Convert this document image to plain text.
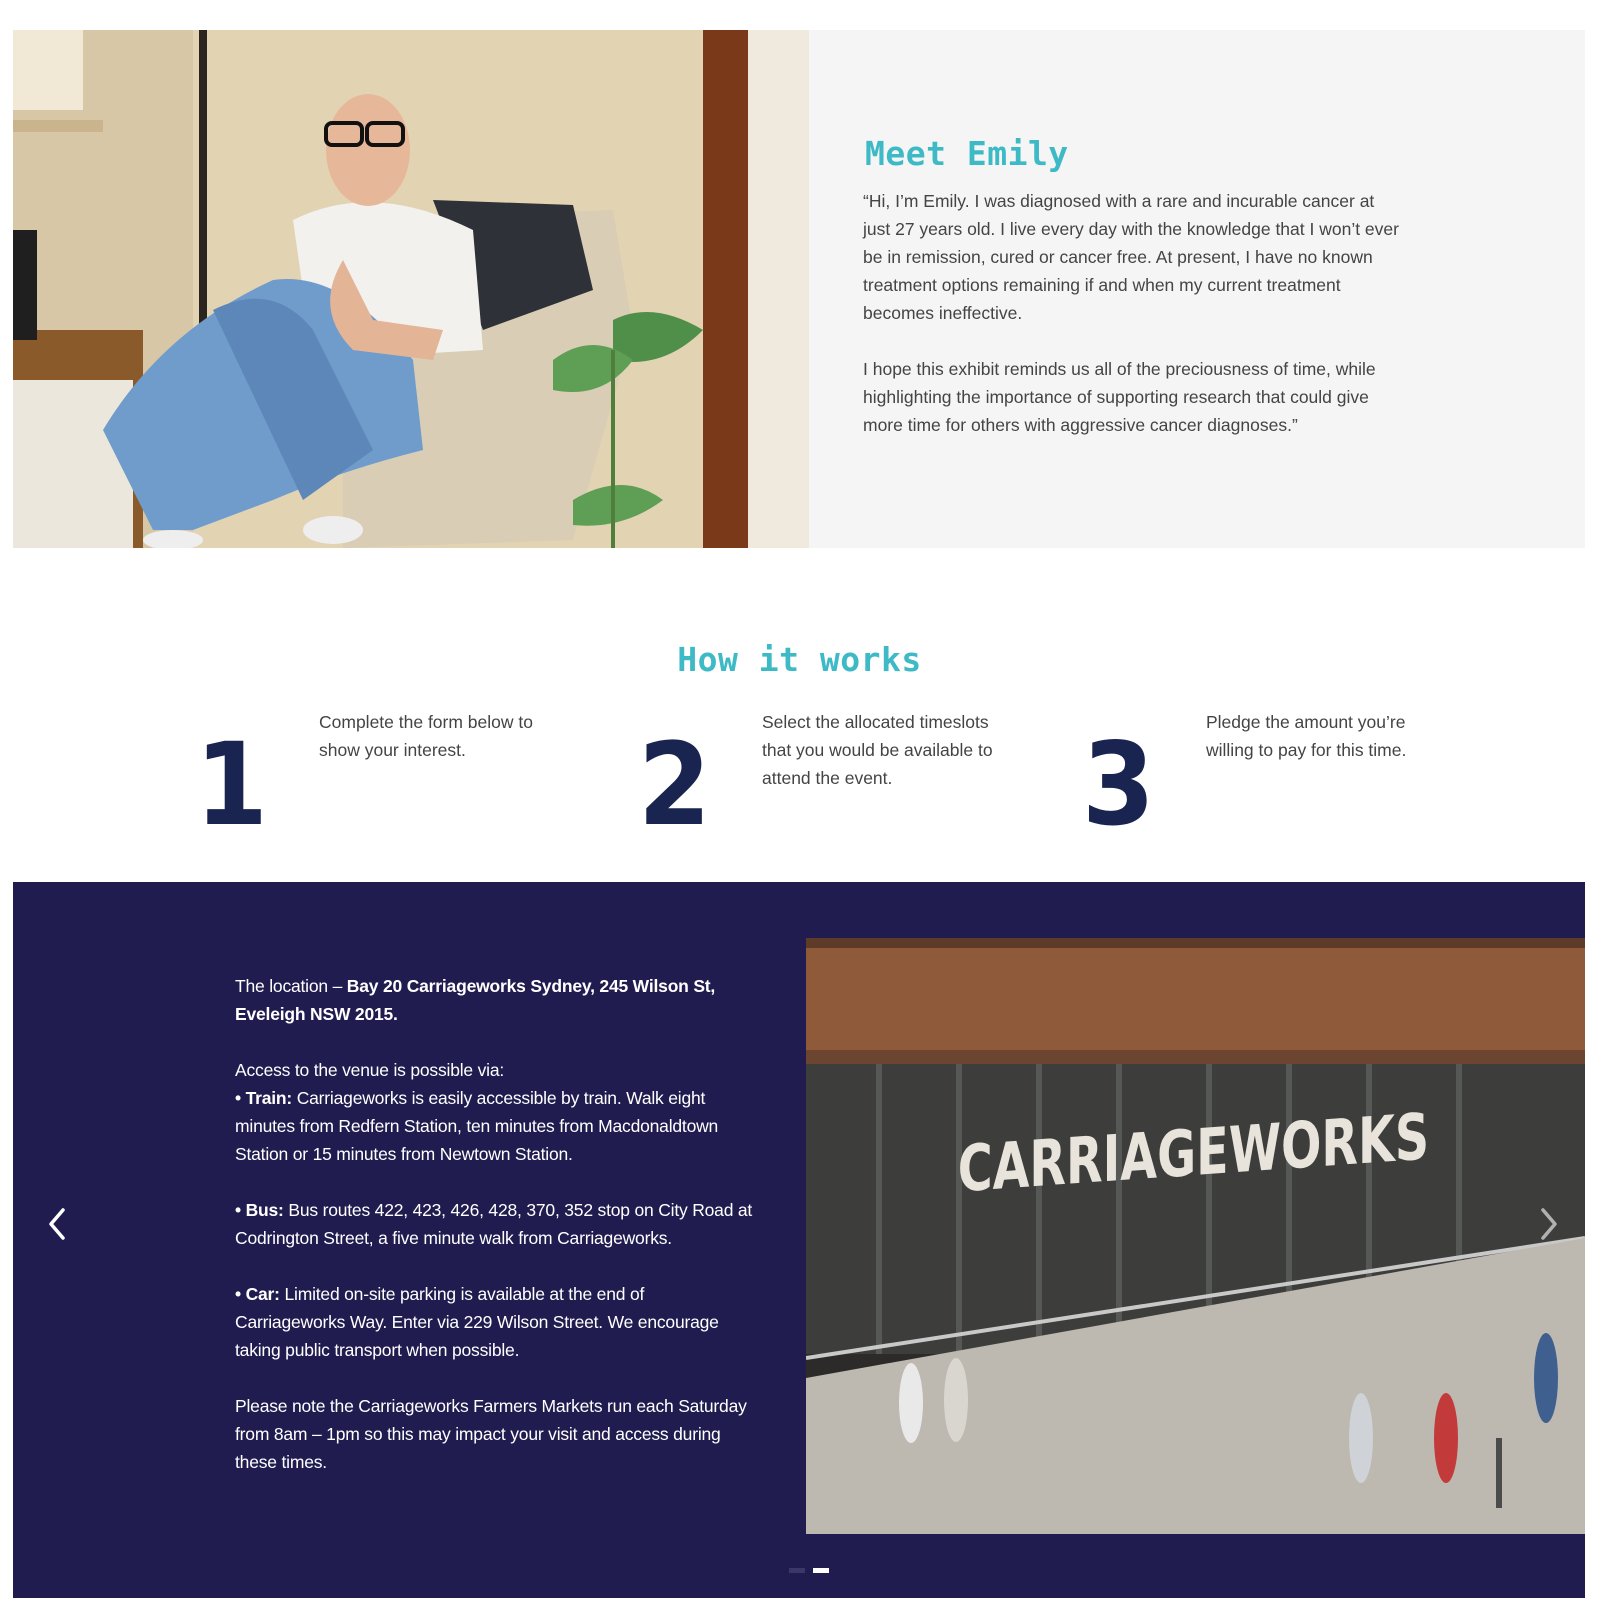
Meet Emily

“Hi, I’m Emily. I was diagnosed with a rare and incurable cancer at just 27 years old. I live every day with the knowledge that I won’t ever be in remission, cured or cancer free. At present, I have no known treatment options remaining if and when my current treatment becomes ineffective.

I hope this exhibit reminds us all of the preciousness of time, while highlighting the importance of supporting research that could give more time for others with aggressive cancer diagnoses.”

How it works
1	Complete the form below to show your interest.	2	Select the allocated timeslots that you would be available to attend the event.	3	Pledge the amount you’re willing to pay for this time.

The location – Bay 20 Carriageworks Sydney, 245 Wilson St, Eveleigh NSW 2015.

Access to the venue is possible via:

• Train: Carriageworks is easily accessible by train. Walk eight minutes from Redfern Station, ten minutes from Macdonaldtown Station or 15 minutes from Newtown Station.

• Bus: Bus routes 422, 423, 426, 428, 370, 352 stop on City Road at Codrington Street, a five minute walk from Carriageworks.

• Car: Limited on-site parking is available at the end of Carriageworks Way. Enter via 229 Wilson Street. We encourage taking public transport when possible.

Please note the Carriageworks Farmers Markets run each Saturday from 8am – 1pm so this may impact your visit and access during these times.

CARRIAGEWORKS
